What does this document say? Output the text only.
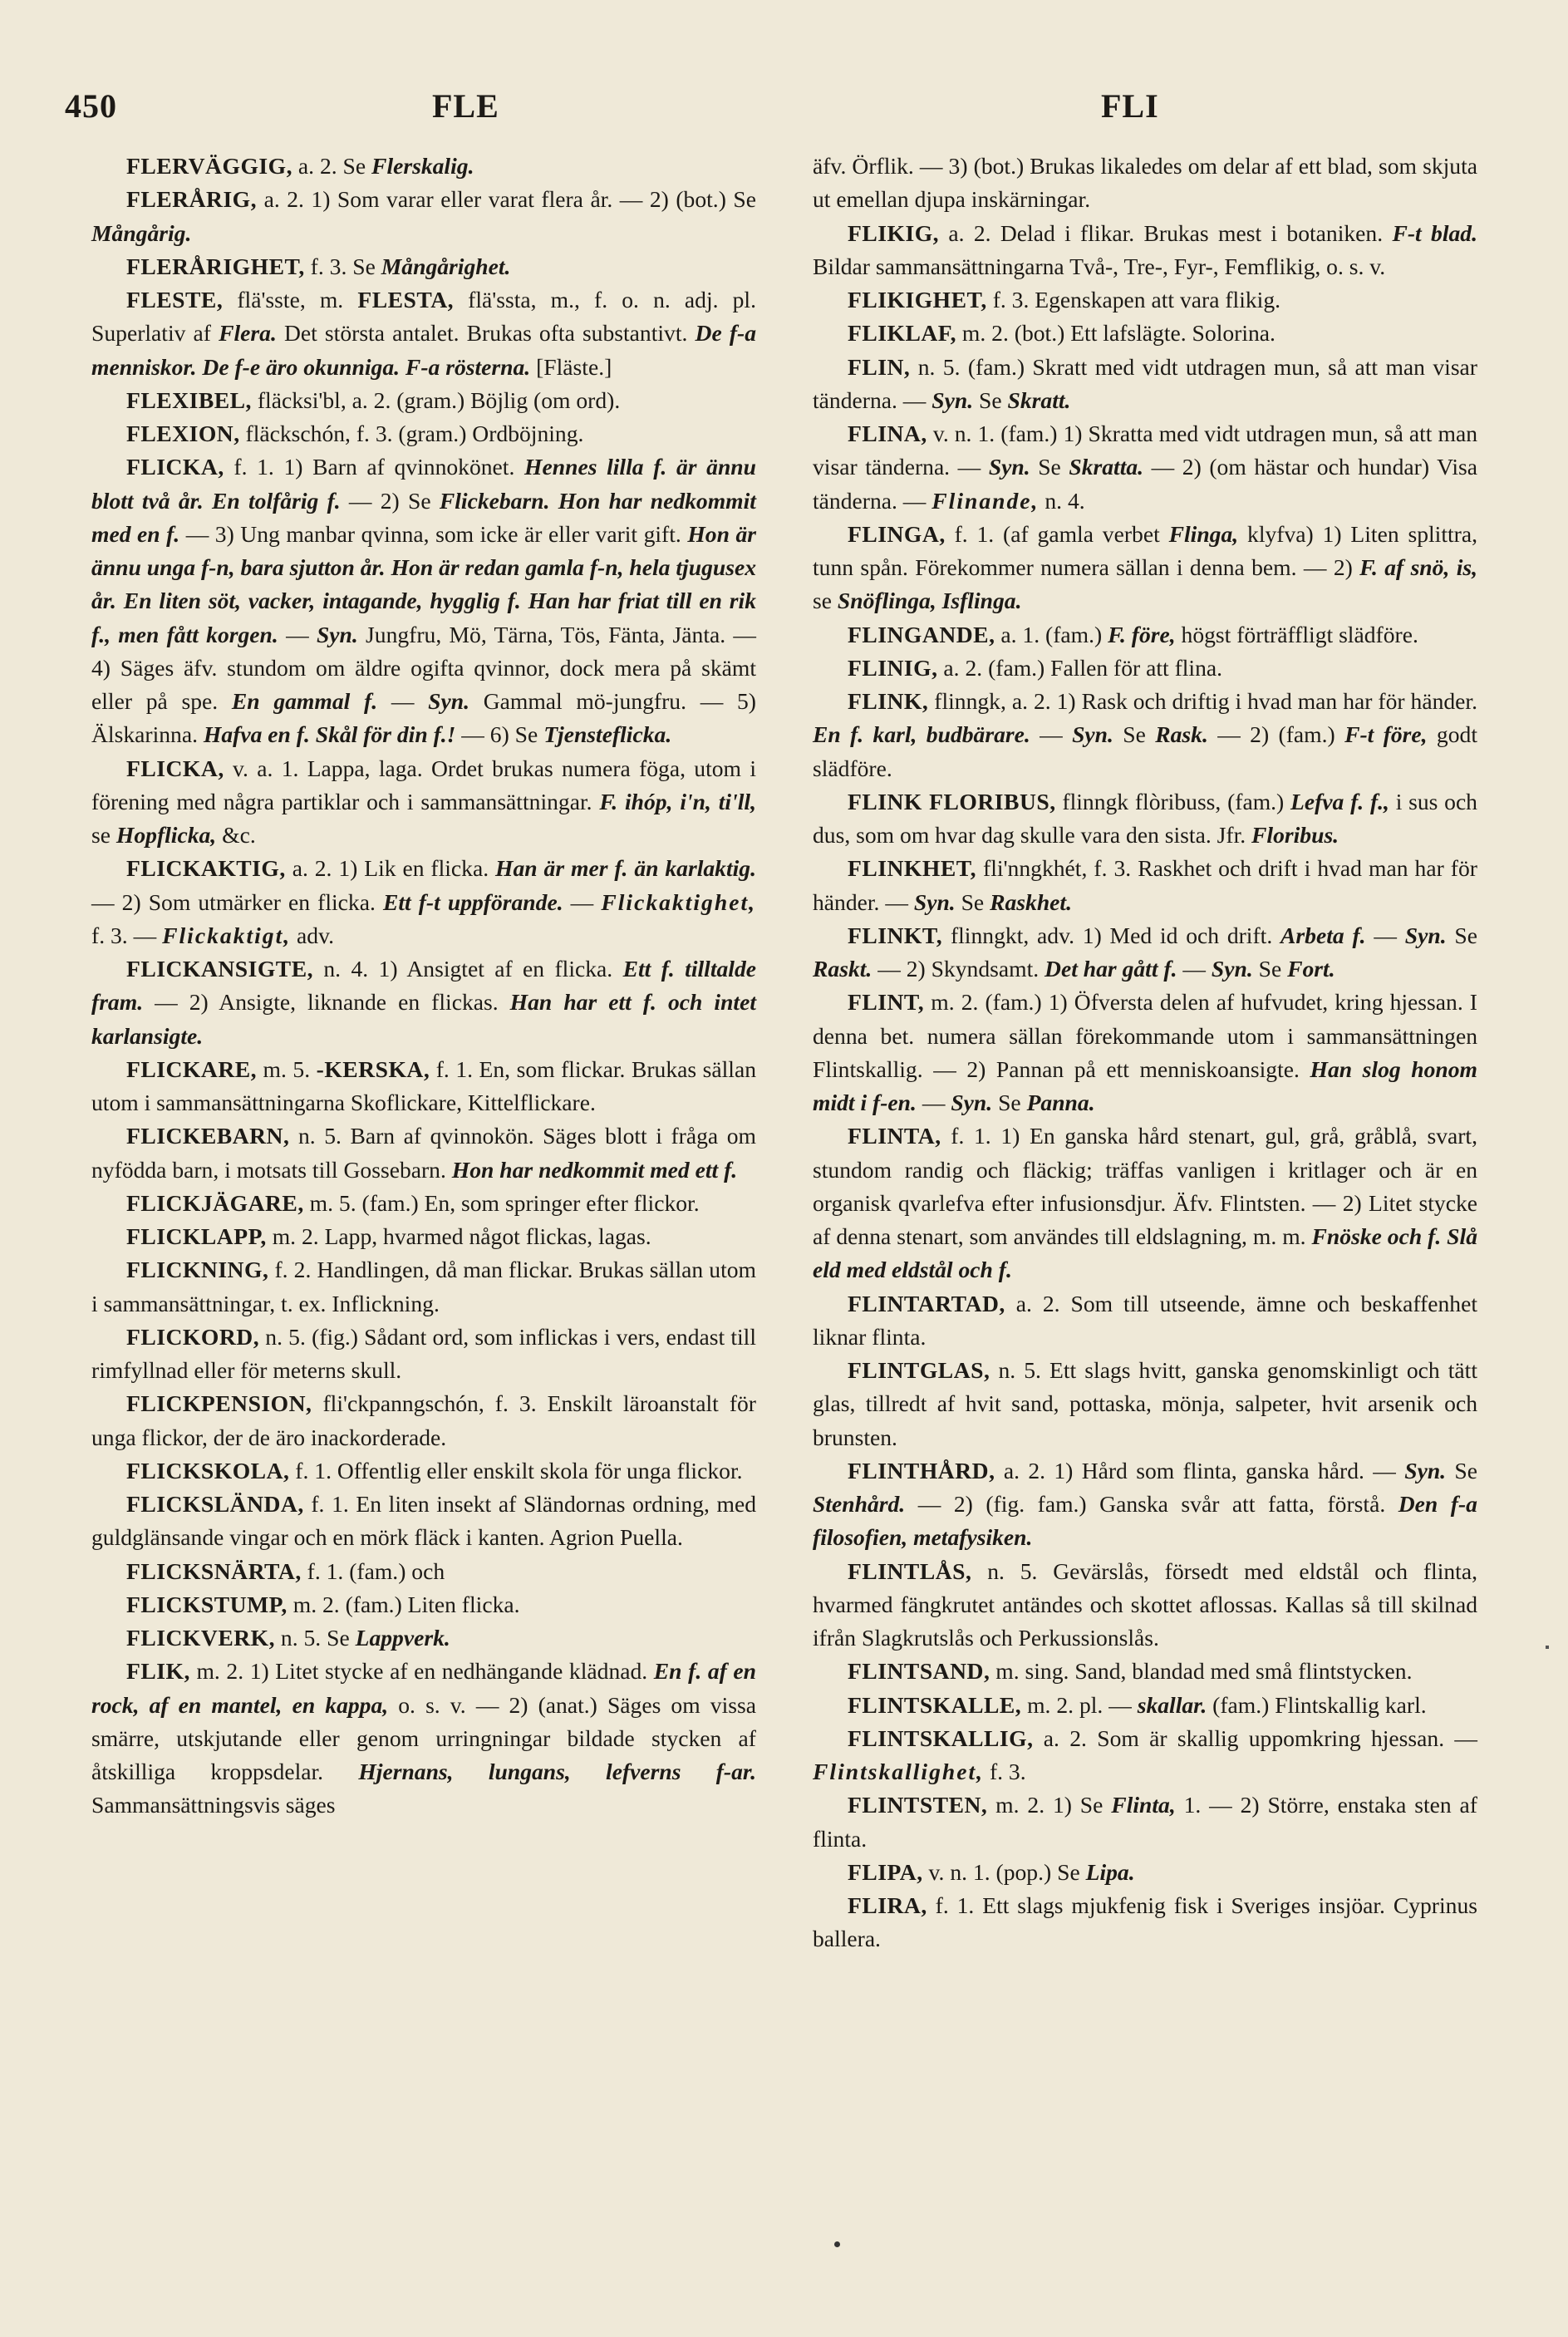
450	FLE	FLI

FLERVÄGGIG, a. 2. Se Flerskalig.

FLERÅRIG, a. 2. 1) Som varar eller varat flera år. — 2) (bot.) Se Mångårig.

FLERÅRIGHET, f. 3. Se Mångårighet.

FLESTE, flä'sste, m. FLESTA, flä'ssta, m., f. o. n. adj. pl. Superlativ af Flera. Det största antalet. Brukas ofta substantivt. De f-a menniskor. De f-e äro okunniga. F-a rösterna. [Fläste.]

FLEXIBEL, fläcksi'bl, a. 2. (gram.) Böjlig (om ord).

FLEXION, fläckschón, f. 3. (gram.) Ordböjning.

FLICKA, f. 1. 1) Barn af qvinnokönet. Hennes lilla f. är ännu blott två år. En tolfårig f. — 2) Se Flickebarn. Hon har nedkommit med en f. — 3) Ung manbar qvinna, som icke är eller varit gift. Hon är ännu unga f-n, bara sjutton år. Hon är redan gamla f-n, hela tjugusex år. En liten söt, vacker, intagande, hygglig f. Han har friat till en rik f., men fått korgen. — Syn. Jungfru, Mö, Tärna, Tös, Fänta, Jänta. — 4) Säges äfv. stundom om äldre ogifta qvinnor, dock mera på skämt eller på spe. En gammal f. — Syn. Gammal mö-jungfru. — 5) Älskarinna. Hafva en f. Skål för din f.! — 6) Se Tjensteflicka.

FLICKA, v. a. 1. Lappa, laga. Ordet brukas numera föga, utom i förening med några partiklar och i sammansättningar. F. ihóp, i'n, ti'll, se Hopflicka, &c.

FLICKAKTIG, a. 2. 1) Lik en flicka. Han är mer f. än karlaktig. — 2) Som utmärker en flicka. Ett f-t uppförande. — Flickaktighet, f. 3. — Flickaktigt, adv.

FLICKANSIGTE, n. 4. 1) Ansigtet af en flicka. Ett f. tilltalde fram. — 2) Ansigte, liknande en flickas. Han har ett f. och intet karlansigte.

FLICKARE, m. 5. -KERSKA, f. 1. En, som flickar. Brukas sällan utom i sammansättningarna Skoflickare, Kittelflickare.

FLICKEBARN, n. 5. Barn af qvinnokön. Säges blott i fråga om nyfödda barn, i motsats till Gossebarn. Hon har nedkommit med ett f.

FLICKJÄGARE, m. 5. (fam.) En, som springer efter flickor.

FLICKLAPP, m. 2. Lapp, hvarmed något flickas, lagas.

FLICKNING, f. 2. Handlingen, då man flickar. Brukas sällan utom i sammansättningar, t. ex. Inflickning.

FLICKORD, n. 5. (fig.) Sådant ord, som inflickas i vers, endast till rimfyllnad eller för meterns skull.

FLICKPENSION, fli'ckpanngschón, f. 3. Enskilt läroanstalt för unga flickor, der de äro inackorderade.

FLICKSKOLA, f. 1. Offentlig eller enskilt skola för unga flickor.

FLICKSLÄNDA, f. 1. En liten insekt af Sländornas ordning, med guldglänsande vingar och en mörk fläck i kanten. Agrion Puella.

FLICKSNÄRTA, f. 1. (fam.) och

FLICKSTUMP, m. 2. (fam.) Liten flicka.

FLICKVERK, n. 5. Se Lappverk.

FLIK, m. 2. 1) Litet stycke af en nedhängande klädnad. En f. af en rock, af en mantel, en kappa, o. s. v. — 2) (anat.) Säges om vissa smärre, utskjutande eller genom urringningar bildade stycken af åtskilliga kroppsdelar. Hjernans, lungans, lefverns f-ar. Sammansättningsvis säges

äfv. Örflik. — 3) (bot.) Brukas likaledes om delar af ett blad, som skjuta ut emellan djupa inskärningar.

FLIKIG, a. 2. Delad i flikar. Brukas mest i botaniken. F-t blad. Bildar sammansättningarna Två-, Tre-, Fyr-, Femflikig, o. s. v.

FLIKIGHET, f. 3. Egenskapen att vara flikig.

FLIKLAF, m. 2. (bot.) Ett lafslägte. Solorina.

FLIN, n. 5. (fam.) Skratt med vidt utdragen mun, så att man visar tänderna. — Syn. Se Skratt.

FLINA, v. n. 1. (fam.) 1) Skratta med vidt utdragen mun, så att man visar tänderna. — Syn. Se Skratta. — 2) (om hästar och hundar) Visa tänderna. — Flinande, n. 4.

FLINGA, f. 1. (af gamla verbet Flinga, klyfva) 1) Liten splittra, tunn spån. Förekommer numera sällan i denna bem. — 2) F. af snö, is, se Snöflinga, Isflinga.

FLINGANDE, a. 1. (fam.) F. före, högst förträffligt slädföre.

FLINIG, a. 2. (fam.) Fallen för att flina.

FLINK, flinngk, a. 2. 1) Rask och driftig i hvad man har för händer. En f. karl, budbärare. — Syn. Se Rask. — 2) (fam.) F-t före, godt slädföre.

FLINK FLORIBUS, flinngk flòribuss, (fam.) Lefva f. f., i sus och dus, som om hvar dag skulle vara den sista. Jfr. Floribus.

FLINKHET, fli'nngkhét, f. 3. Raskhet och drift i hvad man har för händer. — Syn. Se Raskhet.

FLINKT, flinngkt, adv. 1) Med id och drift. Arbeta f. — Syn. Se Raskt. — 2) Skyndsamt. Det har gått f. — Syn. Se Fort.

FLINT, m. 2. (fam.) 1) Öfversta delen af hufvudet, kring hjessan. I denna bet. numera sällan förekommande utom i sammansättningen Flintskallig. — 2) Pannan på ett menniskoansigte. Han slog honom midt i f-en. — Syn. Se Panna.

FLINTA, f. 1. 1) En ganska hård stenart, gul, grå, gråblå, svart, stundom randig och fläckig; träffas vanligen i kritlager och är en organisk qvarlefva efter infusionsdjur. Äfv. Flintsten. — 2) Litet stycke af denna stenart, som användes till eldslagning, m. m. Fnöske och f. Slå eld med eldstål och f.

FLINTARTAD, a. 2. Som till utseende, ämne och beskaffenhet liknar flinta.

FLINTGLAS, n. 5. Ett slags hvitt, ganska genomskinligt och tätt glas, tillredt af hvit sand, pottaska, mönja, salpeter, hvit arsenik och brunsten.

FLINTHÅRD, a. 2. 1) Hård som flinta, ganska hård. — Syn. Se Stenhård. — 2) (fig. fam.) Ganska svår att fatta, förstå. Den f-a filosofien, metafysiken.

FLINTLÅS, n. 5. Gevärslås, försedt med eldstål och flinta, hvarmed fängkrutet antändes och skottet aflossas. Kallas så till skilnad ifrån Slagkrutslås och Perkussionslås.

FLINTSAND, m. sing. Sand, blandad med små flintstycken.

FLINTSKALLE, m. 2. pl. — skallar. (fam.) Flintskallig karl.

FLINTSKALLIG, a. 2. Som är skallig uppomkring hjessan. — Flintskallighet, f. 3.

FLINTSTEN, m. 2. 1) Se Flinta, 1. — 2) Större, enstaka sten af flinta.

FLIPA, v. n. 1. (pop.) Se Lipa.

FLIRA, f. 1. Ett slags mjukfenig fisk i Sveriges insjöar. Cyprinus ballera.
